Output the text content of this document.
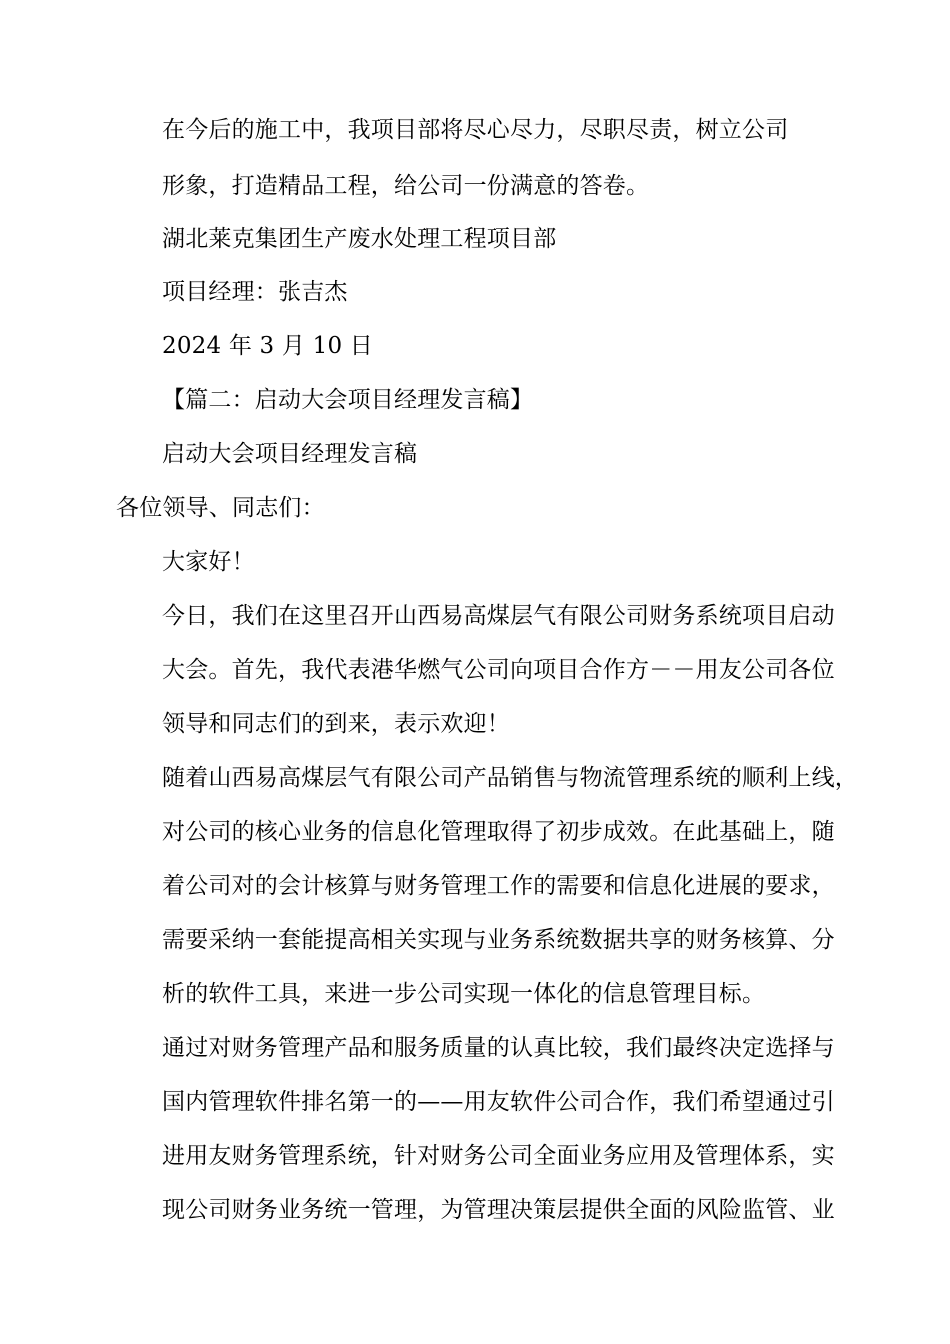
在今后的施工中，我项目部将尽心尽力，尽职尽责，树立公司
形象，打造精品工程，给公司一份满意的答卷。
湖北莱克集团生产废水处理工程项目部
项目经理：张吉杰
2024 年 3 月 10 日
【篇二：启动大会项目经理发言稿】
启动大会项目经理发言稿
各位领导、同志们：
大家好！
今日，我们在这里召开山西易高煤层气有限公司财务系统项目启动
大会。首先，我代表港华燃气公司向项目合作方－－用友公司各位
领导和同志们的到来，表示欢迎！
随着山西易高煤层气有限公司产品销售与物流管理系统的顺利上线，
对公司的核心业务的信息化管理取得了初步成效。在此基础上，随
着公司对的会计核算与财务管理工作的需要和信息化进展的要求，
需要采纳一套能提高相关实现与业务系统数据共享的财务核算、分
析的软件工具，来进一步公司实现一体化的信息管理目标。
通过对财务管理产品和服务质量的认真比较，我们最终决定选择与
国内管理软件排名第一的——用友软件公司合作，我们希望通过引
进用友财务管理系统，针对财务公司全面业务应用及管理体系，实
现公司财务业务统一管理，为管理决策层提供全面的风险监管、业
